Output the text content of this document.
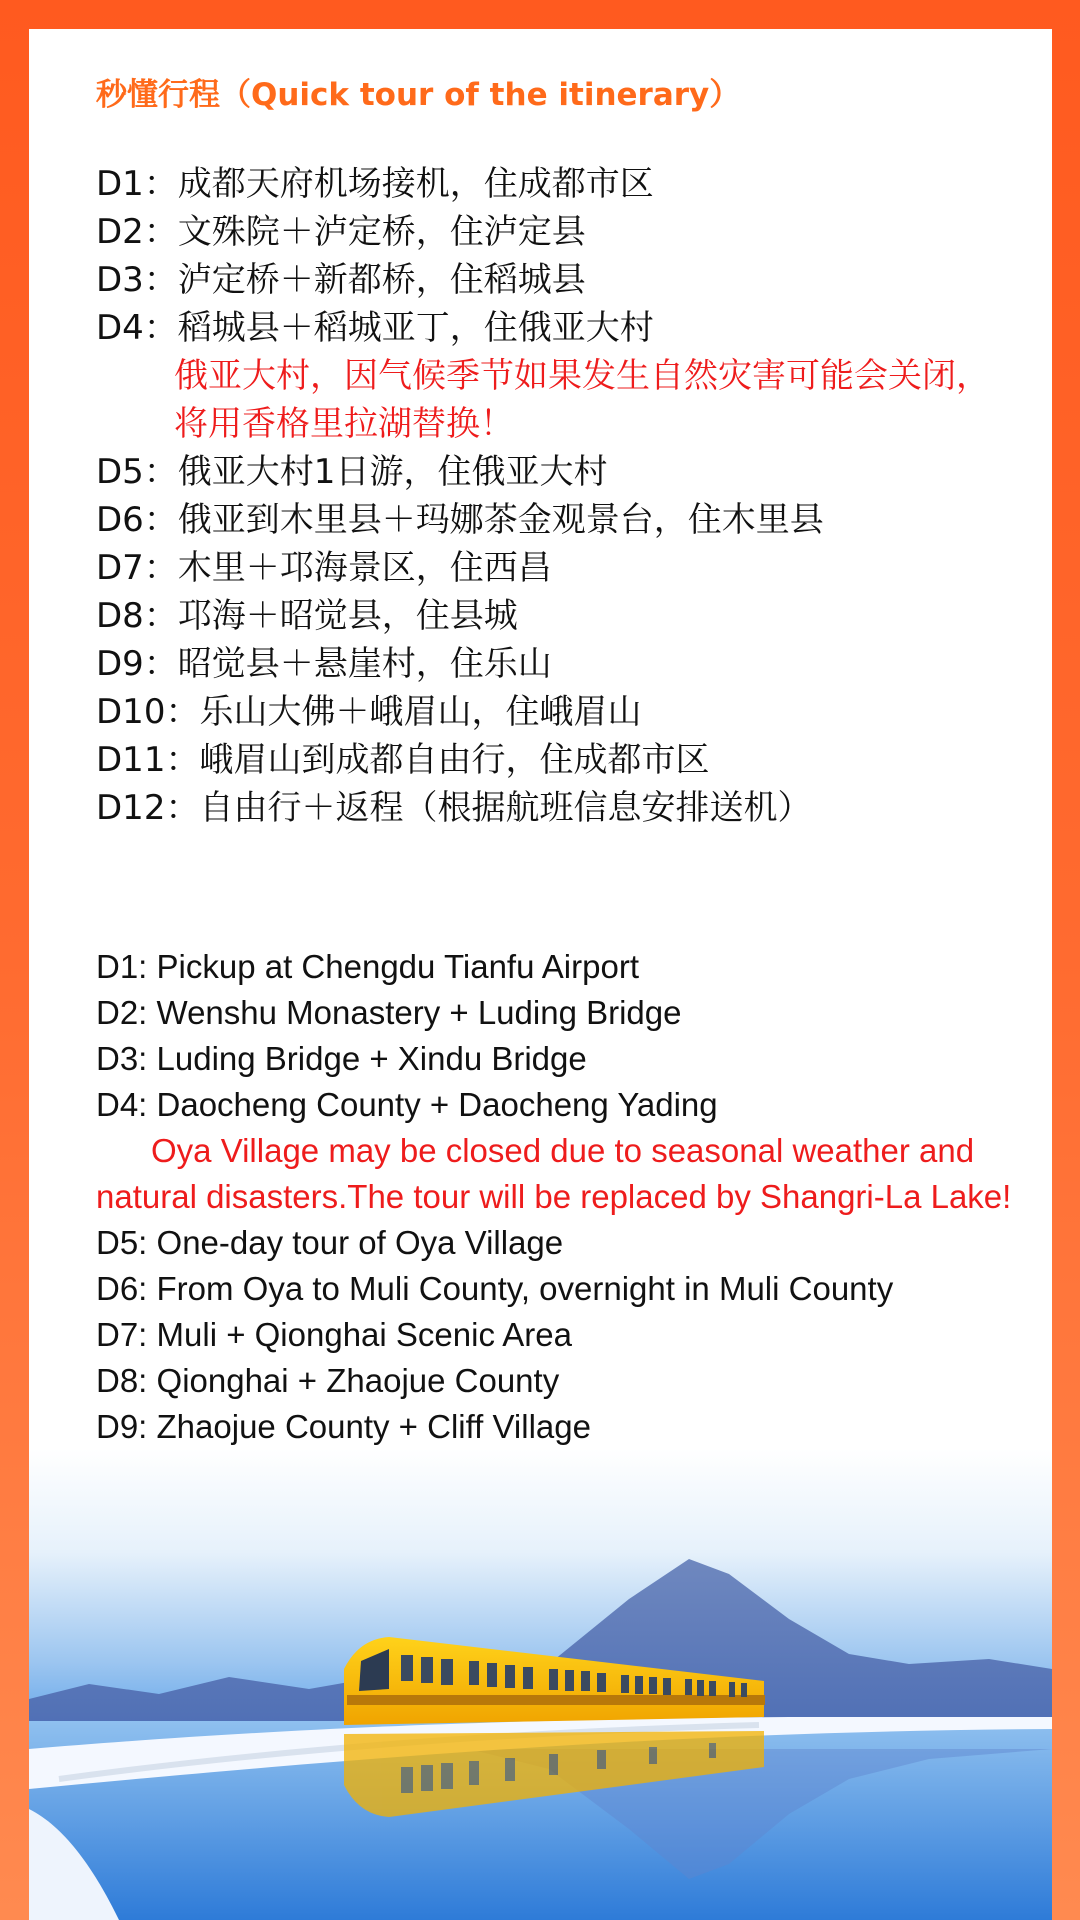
秒懂行程（Quick tour of the itinerary）
D1：成都天府机场接机，住成都市区
D2：文殊院＋泸定桥，住泸定县
D3：泸定桥＋新都桥，住稻城县
D4：稻城县＋稻城亚丁，住俄亚大村
俄亚大村，因气候季节如果发生自然灾害可能会关闭，
将用香格里拉湖替换！
D5：俄亚大村1日游，住俄亚大村
D6：俄亚到木里县＋玛娜茶金观景台，住木里县
D7：木里＋邛海景区，住西昌
D8：邛海＋昭觉县，住县城
D9：昭觉县＋悬崖村，住乐山
D10：乐山大佛＋峨眉山，住峨眉山
D11：峨眉山到成都自由行，住成都市区
D12：自由行＋返程（根据航班信息安排送机）
D1: Pickup at Chengdu Tianfu Airport
D2: Wenshu Monastery + Luding Bridge
D3: Luding Bridge + Xindu Bridge
D4: Daocheng County + Daocheng Yading
Oya Village may be closed due to seasonal weather and natural disasters.The tour will be replaced by Shangri-La Lake!
D5: One-day tour of Oya Village
D6: From Oya to Muli County, overnight in Muli County
D7: Muli + Qionghai Scenic Area
D8: Qionghai + Zhaojue County
D9: Zhaojue County + Cliff Village
